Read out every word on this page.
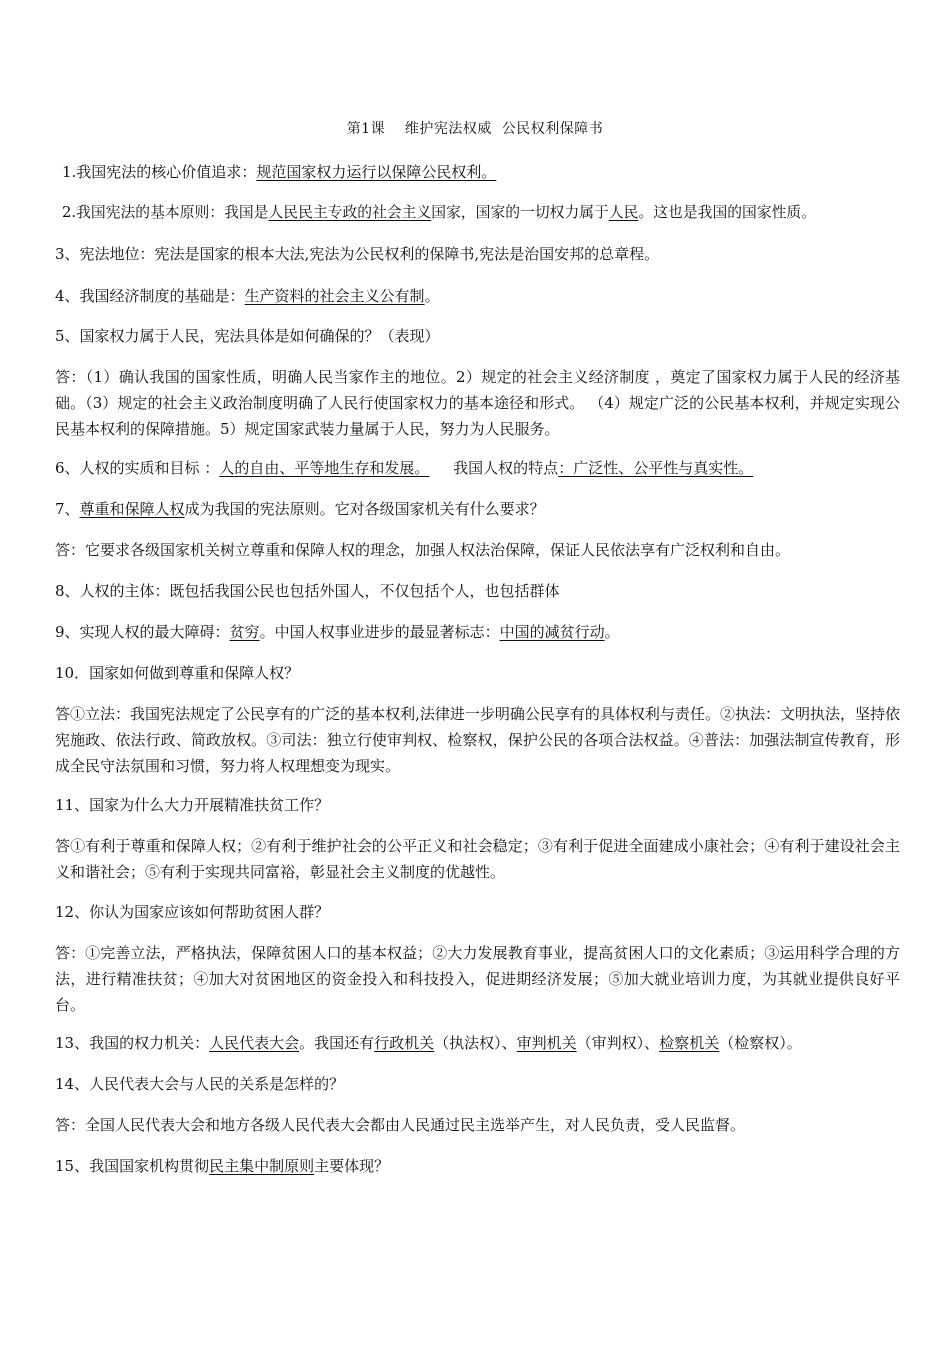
第1课    维护宪法权威  公民权利保障书
1.我国宪法的核心价值追求：规范国家权力运行以保障公民权利。
2.我国宪法的基本原则：我国是人民民主专政的社会主义国家，国家的一切权力属于人民。这也是我国的国家性质。
3、宪法地位：宪法是国家的根本大法,宪法为公民权利的保障书,宪法是治国安邦的总章程。
4、我国经济制度的基础是：生产资料的社会主义公有制。
5、国家权力属于人民，宪法具体是如何确保的？（表现）
答：（1）确认我国的国家性质，明确人民当家作主的地位。2）规定的社会主义经济制度 ，奠定了国家权力属于人民的经济基础。（3）规定的社会主义政治制度明确了人民行使国家权力的基本途径和形式。 （4）规定广泛的公民基本权利，并规定实现公民基本权利的保障措施。5）规定国家武装力量属于人民，努力为人民服务。
6、人权的实质和目标 ：人的自由、平等地生存和发展。     我国人权的特点：广泛性、公平性与真实性。
7、尊重和保障人权成为我国的宪法原则。它对各级国家机关有什么要求？
答：它要求各级国家机关树立尊重和保障人权的理念，加强人权法治保障，保证人民依法享有广泛权利和自由。
8、人权的主体：既包括我国公民也包括外国人，不仅包括个人，也包括群体
9、实现人权的最大障碍：贫穷。中国人权事业进步的最显著标志：中国的减贫行动。
10．国家如何做到尊重和保障人权？
答①立法：我国宪法规定了公民享有的广泛的基本权利,法律进一步明确公民享有的具体权利与责任。②执法：文明执法，坚持依宪施政、依法行政、简政放权。③司法：独立行使审判权、检察权，保护公民的各项合法权益。④普法：加强法制宣传教育，形成全民守法氛围和习惯，努力将人权理想变为现实。
11、国家为什么大力开展精准扶贫工作？
答①有利于尊重和保障人权；②有利于维护社会的公平正义和社会稳定；③有利于促进全面建成小康社会；④有利于建设社会主义和谐社会；⑤有利于实现共同富裕，彰显社会主义制度的优越性。
12、你认为国家应该如何帮助贫困人群？
答：①完善立法，严格执法，保障贫困人口的基本权益；②大力发展教育事业，提高贫困人口的文化素质；③运用科学合理的方法，进行精准扶贫；④加大对贫困地区的资金投入和科技投入，促进期经济发展；⑤加大就业培训力度，为其就业提供良好平台。
13、我国的权力机关：人民代表大会。我国还有行政机关（执法权）、审判机关（审判权）、检察机关（检察权）。
14、人民代表大会与人民的关系是怎样的？
答：全国人民代表大会和地方各级人民代表大会都由人民通过民主选举产生，对人民负责，受人民监督。
15、我国国家机构贯彻民主集中制原则主要体现？
